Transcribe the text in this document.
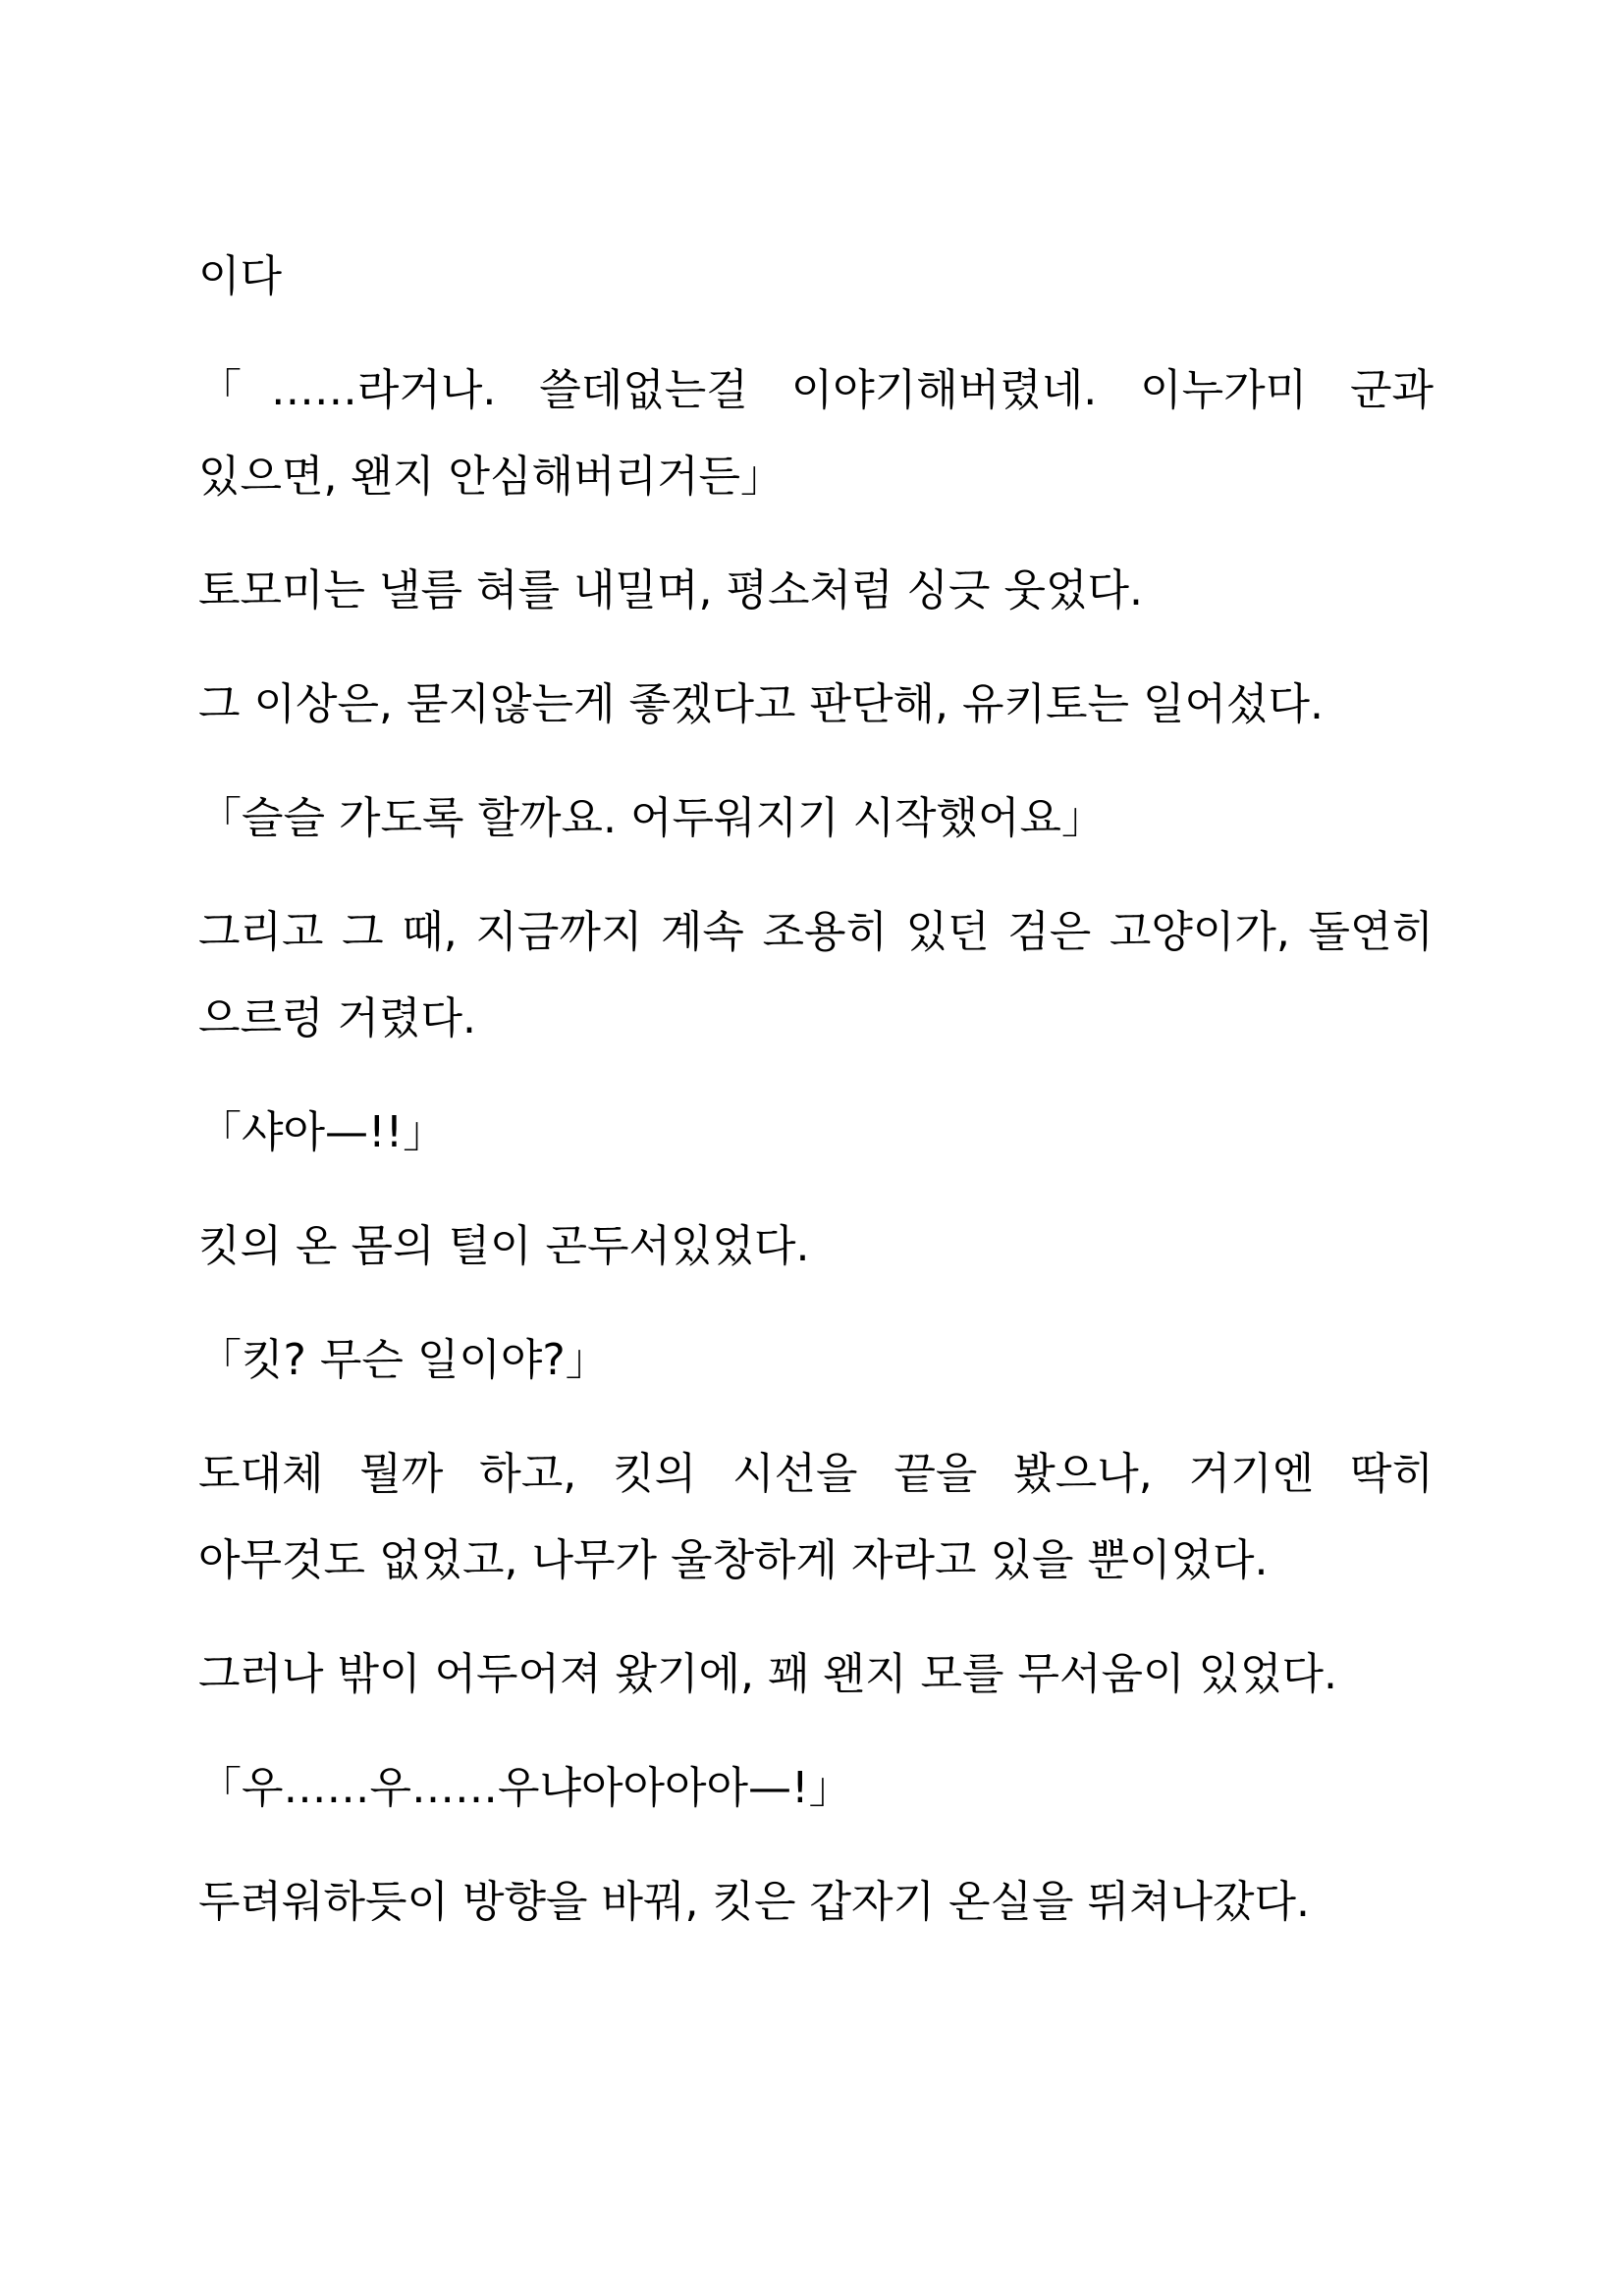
이다

「……라거나. 쓸데없는걸 이야기해버렸네. 이누가미 군과 있으면, 왠지 안심해버리거든」

토모미는 낼름 혀를 내밀며, 평소처럼 싱긋 웃었다.

그 이상은, 묻지않는게 좋겠다고 판단해, 유키토는 일어섰다.

「슬슬 가도록 할까요. 어두워지기 시작했어요」

그리고 그 때, 지금까지 계속 조용히 있던 검은 고양이가, 돌연히 으르렁 거렸다.

「샤아—!!」

킷의 온 몸의 털이 곤두서있었다.

「킷? 무슨 일이야?」

도대체 뭘까 하고, 킷의 시선을 끝을 봤으나, 거기엔 딱히 아무것도 없었고, 나무가 울창하게 자라고 있을 뿐이었다.

그러나 밖이 어두어져 왔기에, 꽤 왠지 모를 무서움이 있었다.

「우……우……우냐아아아아—!」

두려워하듯이 방향을 바꿔, 킷은 갑자기 온실을 뛰쳐나갔다.
